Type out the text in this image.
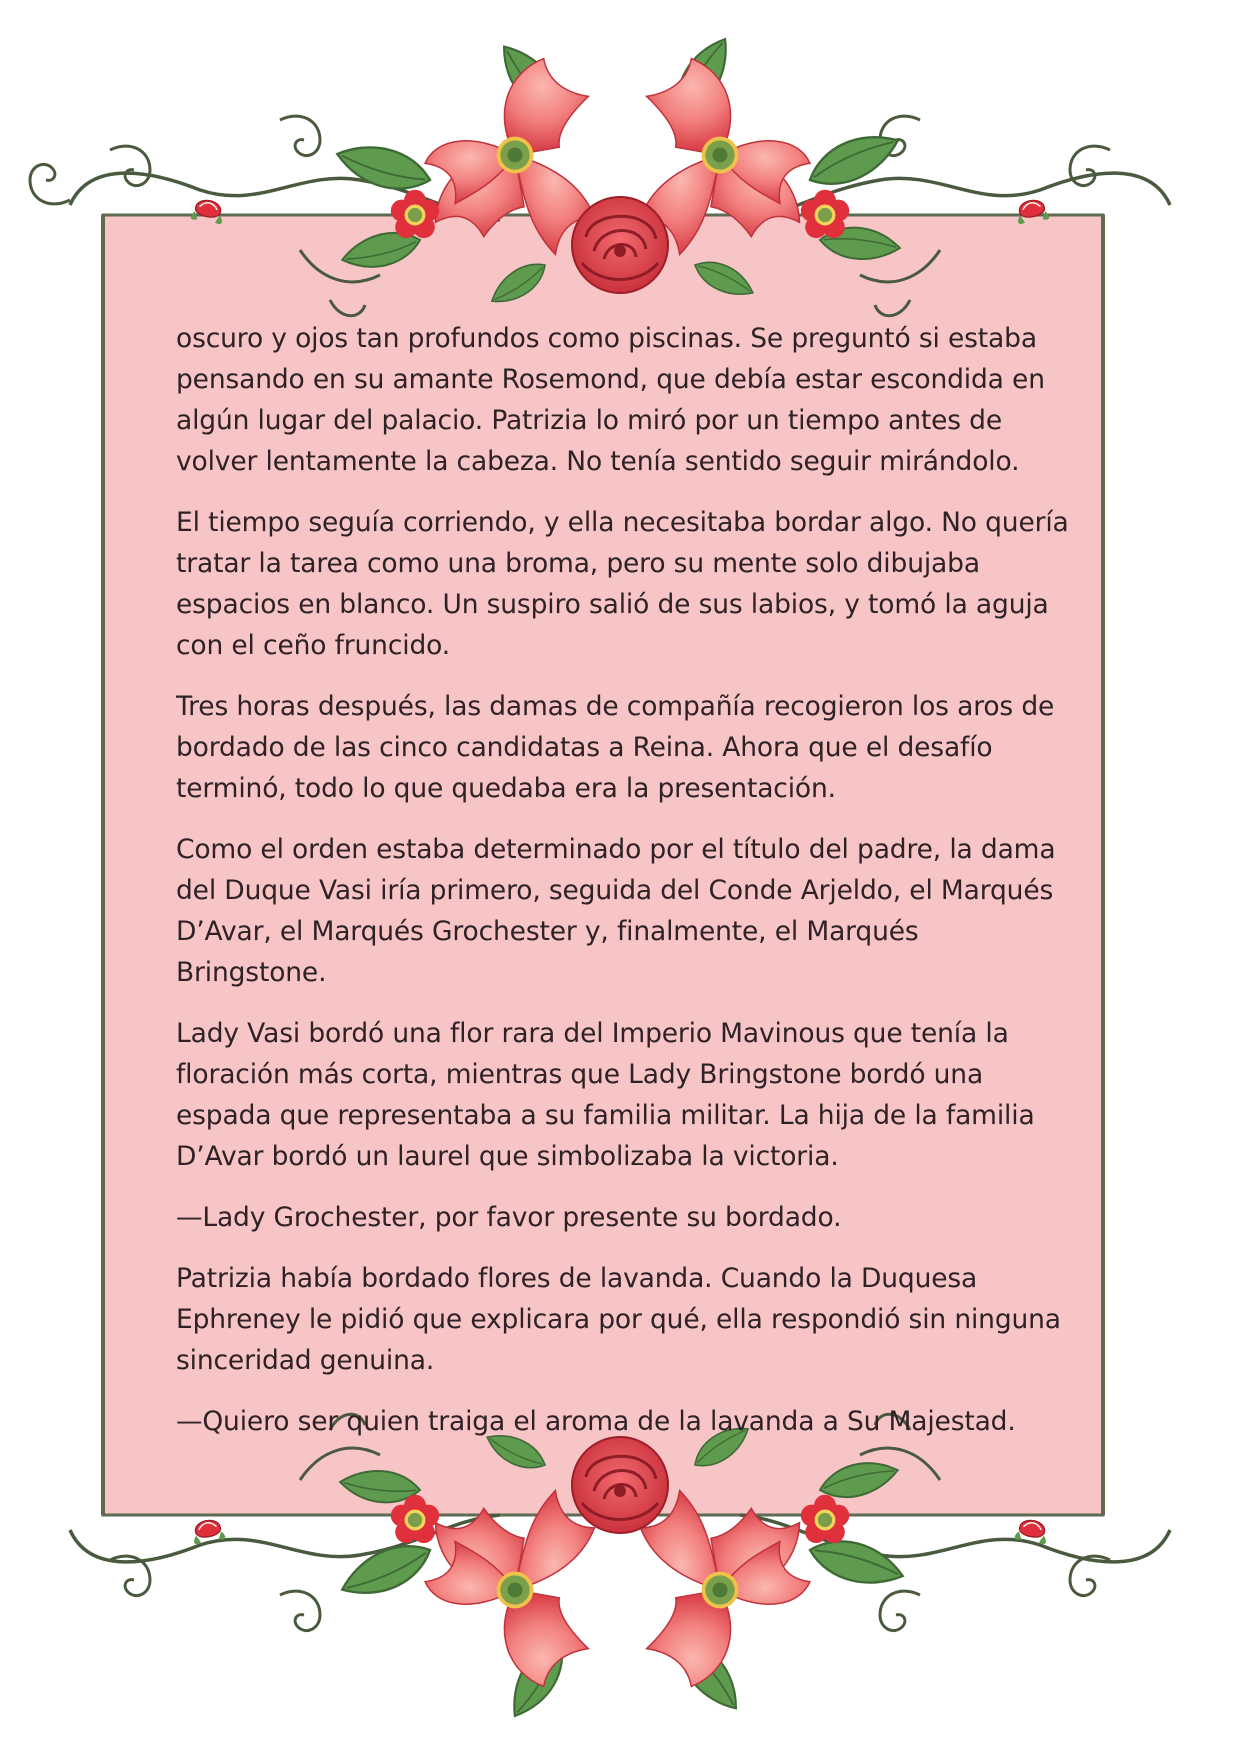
oscuro y ojos tan profundos como piscinas. Se preguntó si estaba pensando en su amante Rosemond, que debía estar escondida en algún lugar del palacio. Patrizia lo miró por un tiempo antes de volver lentamente la cabeza. No tenía sentido seguir mirándolo.

El tiempo seguía corriendo, y ella necesitaba bordar algo. No quería tratar la tarea como una broma, pero su mente solo dibujaba espacios en blanco. Un suspiro salió de sus labios, y tomó la aguja con el ceño fruncido.

Tres horas después, las damas de compañía recogieron los aros de bordado de las cinco candidatas a Reina. Ahora que el desafío terminó, todo lo que quedaba era la presentación.

Como el orden estaba determinado por el título del padre, la dama del Duque Vasi iría primero, seguida del Conde Arjeldo, el Marqués D’Avar, el Marqués Grochester y, finalmente, el Marqués Bringstone.

Lady Vasi bordó una flor rara del Imperio Mavinous que tenía la floración más corta, mientras que Lady Bringstone bordó una espada que representaba a su familia militar. La hija de la familia D’Avar bordó un laurel que simbolizaba la victoria.

—Lady Grochester, por favor presente su bordado.

Patrizia había bordado flores de lavanda. Cuando la Duquesa Ephreney le pidió que explicara por qué, ella respondió sin ninguna sinceridad genuina.

—Quiero ser quien traiga el aroma de la lavanda a Su Majestad.
